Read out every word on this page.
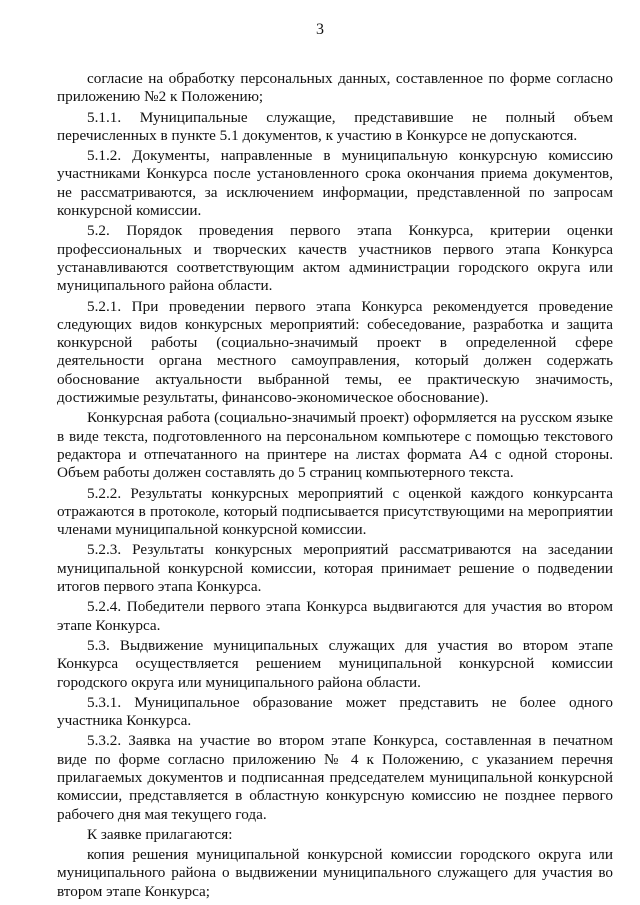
3

согласие на обработку персональных данных, составленное по форме согласно приложению №2 к Положению;

5.1.1. Муниципальные служащие, представившие не полный объем перечисленных в пункте 5.1 документов, к участию в Конкурсе не допускаются.

5.1.2. Документы, направленные в муниципальную конкурсную комиссию участниками Конкурса после установленного срока окончания приема документов, не рассматриваются, за исключением информации, представленной по запросам конкурсной комиссии.

5.2. Порядок проведения первого этапа Конкурса, критерии оценки профессиональных и творческих качеств участников первого этапа Конкурса устанавливаются соответствующим актом администрации городского округа или муниципального района области.

5.2.1. При проведении первого этапа Конкурса рекомендуется проведение следующих видов конкурсных мероприятий: собеседование, разработка и защита конкурсной работы (социально-значимый проект в определенной сфере деятельности органа местного самоуправления, который должен содержать обоснование актуальности выбранной темы, ее практическую значимость, достижимые результаты, финансово-экономическое обоснование).

Конкурсная работа (социально-значимый проект) оформляется на русском языке в виде текста, подготовленного на персональном компьютере с помощью текстового редактора и отпечатанного на принтере на листах формата А4 с одной стороны. Объем работы должен составлять до 5 страниц компьютерного текста.

5.2.2. Результаты конкурсных мероприятий с оценкой каждого конкурсанта отражаются в протоколе, который подписывается присутствующими на мероприятии членами муниципальной конкурсной комиссии.

5.2.3. Результаты конкурсных мероприятий рассматриваются на заседании муниципальной конкурсной комиссии, которая принимает решение о подведении итогов первого этапа Конкурса.

5.2.4. Победители первого этапа Конкурса выдвигаются для участия во втором этапе Конкурса.

5.3. Выдвижение муниципальных служащих для участия во втором этапе Конкурса осуществляется решением муниципальной конкурсной комиссии городского округа или муниципального района области.

5.3.1. Муниципальное образование может представить не более одного участника Конкурса.

5.3.2. Заявка на участие во втором этапе Конкурса, составленная в печатном виде по форме согласно приложению № 4 к Положению, с указанием перечня прилагаемых документов и подписанная председателем муниципальной конкурсной комиссии, представляется в областную конкурсную комиссию не позднее первого рабочего дня мая текущего года.

К заявке прилагаются:

копия решения муниципальной конкурсной комиссии городского округа или муниципального района о выдвижении муниципального служащего для участия во втором этапе Конкурса;
